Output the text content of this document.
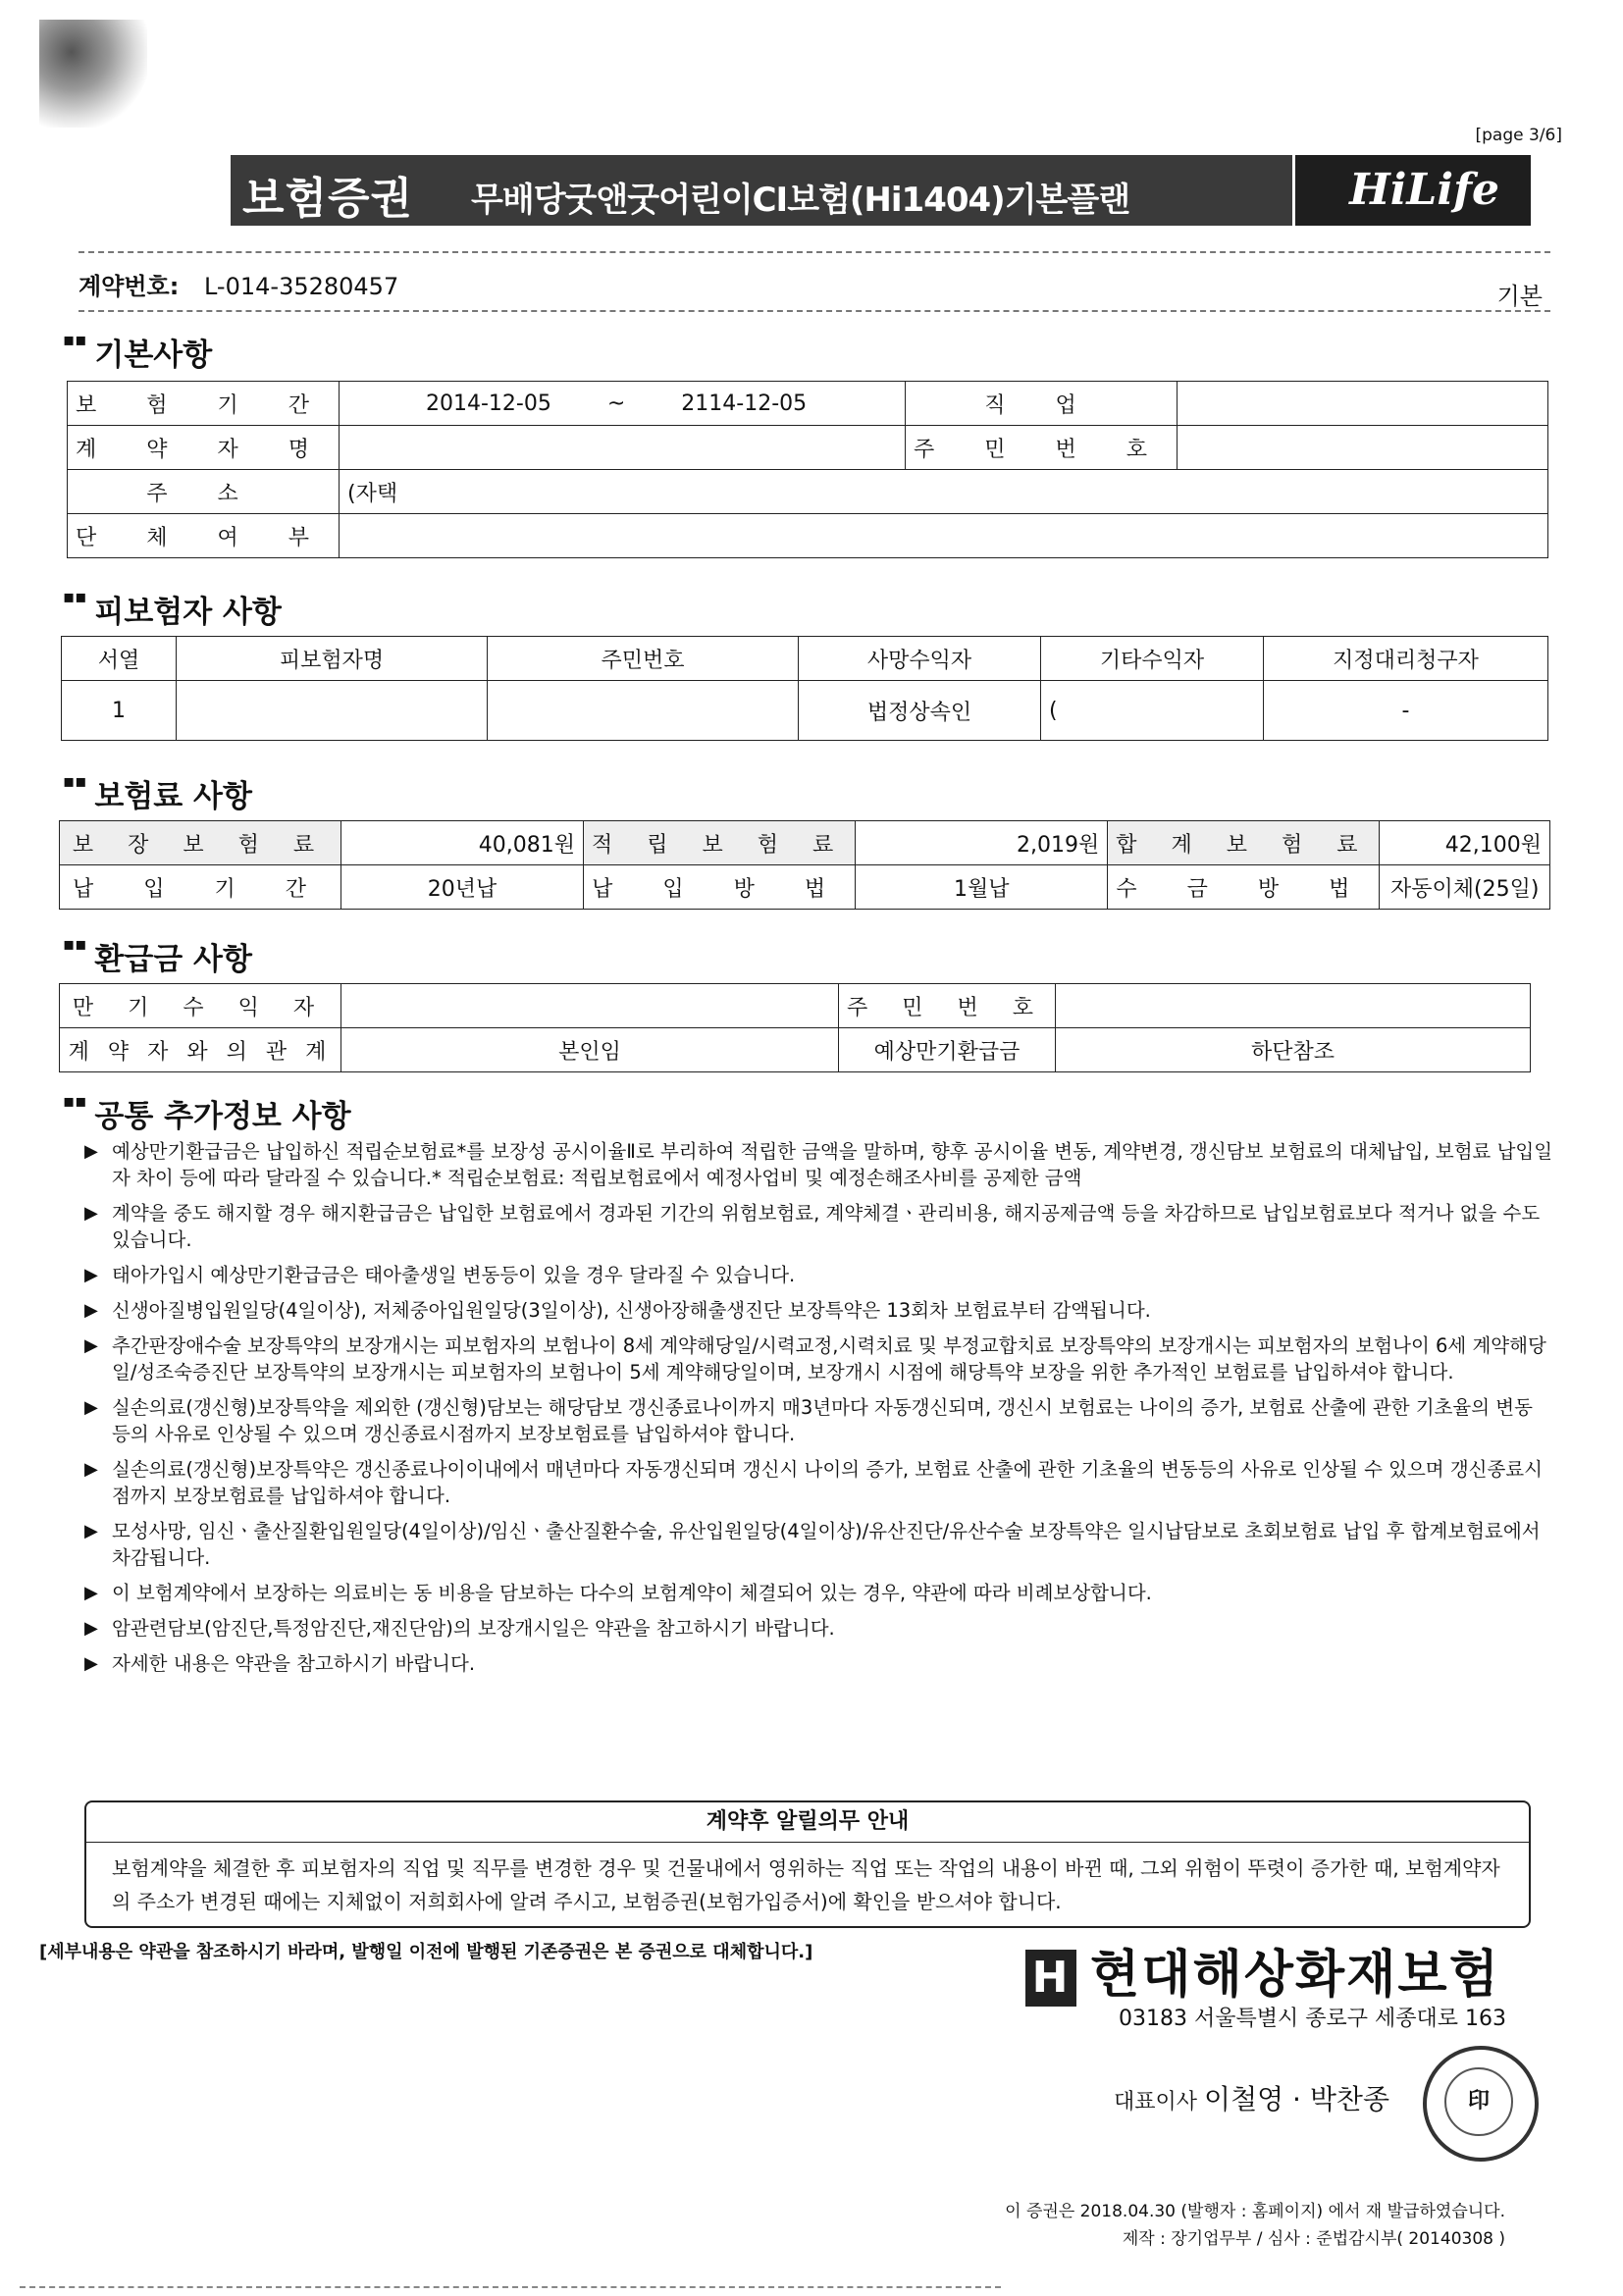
[page 3/6]
보험증권 무배당굿앤굿어린이CI보험(Hi1404)기본플랜	HiLife
계약번호: L-014-35280457	기본
▪▪ 기본사항
보 험 기 간	2014-12-05 ~ 2114-12-05	직 업	
계 약 자 명		주 민 번 호	
주 소	(자택		
단 체 여 부			
▪▪ 피보험자 사항
서열	피보험자명	주민번호	사망수익자	기타수익자	지정대리청구자
1			법정상속인	(	-
▪▪ 보험료 사항
보 장 보 험 료	40,081원	적 립 보 험 료	2,019원	합 계 보 험 료	42,100원
납 입 기 간	20년납	납 입 방 법	1월납	수 금 방 법	자동이체(25일)
▪▪ 환급금 사항
만 기 수 익 자		주 민 번 호	
계 약 자 와 의 관 계	본인임	예상만기환급금	하단참조
▪▪ 공통 추가정보 사항
▶ 예상만기환급금은 납입하신 적립순보험료*를 보장성 공시이율Ⅱ로 부리하여 적립한 금액을 말하며, 향후 공시이율 변동, 계약변경, 갱신담보 보험료의 대체납입, 보험료 납입일자 차이 등에 따라 달라질 수 있습니다.* 적립순보험료: 적립보험료에서 예정사업비 및 예정손해조사비를 공제한 금액
▶ 계약을 중도 해지할 경우 해지환급금은 납입한 보험료에서 경과된 기간의 위험보험료, 계약체결ㆍ관리비용, 해지공제금액 등을 차감하므로 납입보험료보다 적거나 없을 수도 있습니다.
▶ 태아가입시 예상만기환급금은 태아출생일 변동등이 있을 경우 달라질 수 있습니다.
▶ 신생아질병입원일당(4일이상), 저체중아입원일당(3일이상), 신생아장해출생진단 보장특약은 13회차 보험료부터 감액됩니다.
▶ 추간판장애수술 보장특약의 보장개시는 피보험자의 보험나이 8세 계약해당일/시력교정,시력치료 및 부정교합치료 보장특약의 보장개시는 피보험자의 보험나이 6세 계약해당일/성조숙증진단 보장특약의 보장개시는 피보험자의 보험나이 5세 계약해당일이며, 보장개시 시점에 해당특약 보장을 위한 추가적인 보험료를 납입하셔야 합니다.
▶ 실손의료(갱신형)보장특약을 제외한 (갱신형)담보는 해당담보 갱신종료나이까지 매3년마다 자동갱신되며, 갱신시 보험료는 나이의 증가, 보험료 산출에 관한 기초율의 변동 등의 사유로 인상될 수 있으며 갱신종료시점까지 보장보험료를 납입하셔야 합니다.
▶ 실손의료(갱신형)보장특약은 갱신종료나이이내에서 매년마다 자동갱신되며 갱신시 나이의 증가, 보험료 산출에 관한 기초율의 변동등의 사유로 인상될 수 있으며 갱신종료시점까지 보장보험료를 납입하셔야 합니다.
▶ 모성사망, 임신ㆍ출산질환입원일당(4일이상)/임신ㆍ출산질환수술, 유산입원일당(4일이상)/유산진단/유산수술 보장특약은 일시납담보로 초회보험료 납입 후 합계보험료에서 차감됩니다.
▶ 이 보험계약에서 보장하는 의료비는 동 비용을 담보하는 다수의 보험계약이 체결되어 있는 경우, 약관에 따라 비례보상합니다.
▶ 암관련담보(암진단,특정암진단,재진단암)의 보장개시일은 약관을 참고하시기 바랍니다.
▶ 자세한 내용은 약관을 참고하시기 바랍니다.
계약후 알릴의무 안내
보험계약을 체결한 후 피보험자의 직업 및 직무를 변경한 경우 및 건물내에서 영위하는 직업 또는 작업의 내용이 바뀐 때, 그외 위험이 뚜렷이 증가한 때, 보험계약자의 주소가 변경된 때에는 지체없이 저희회사에 알려 주시고, 보험증권(보험가입증서)에 확인을 받으셔야 합니다.
[세부내용은 약관을 참조하시기 바라며, 발행일 이전에 발행된 기존증권은 본 증권으로 대체합니다.]
H 현대해상화재보험
03183 서울특별시 종로구 세종대로 163
대표이사 이철영 · 박찬종	印
이 증권은 2018.04.30 (발행자 : 홈페이지) 에서 재 발급하였습니다.
제작 : 장기업무부 / 심사 : 준법감시부( 20140308 )
